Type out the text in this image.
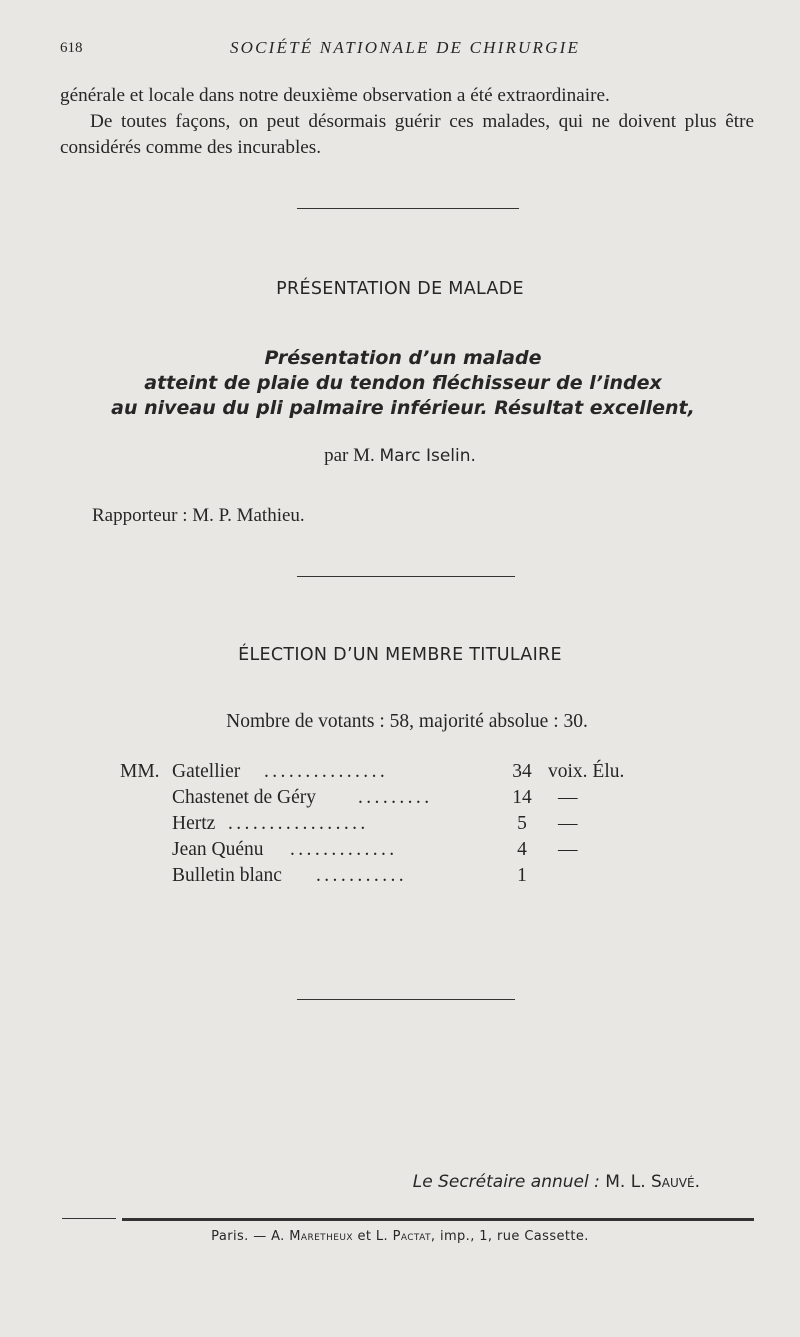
618	SOCIÉTÉ NATIONALE DE CHIRURGIE

générale et locale dans notre deuxième observation a été extraordinaire.

De toutes façons, on peut désormais guérir ces malades, qui ne doivent plus être considérés comme des incurables.

PRÉSENTATION DE MALADE
Présentation d’un malade
atteint de plaie du tendon fléchisseur de l’index
au niveau du pli palmaire inférieur. Résultat excellent,
par M. Marc Iselin.
Rapporteur : M. P. Mathieu.
ÉLECTION D’UN MEMBRE TITULAIRE
Nombre de votants : 58, majorité absolue : 30.
MM. Gatellier ...............	34 voix. Élu.
Chastenet de Géry .........	14	—
Hertz .................	5	—
Jean Quénu .............	4	—
Bulletin blanc ...........	1
Le Secrétaire annuel : M. L. Sauvé.
Paris. — A. Maretheux et L. Pactat, imp., 1, rue Cassette.
